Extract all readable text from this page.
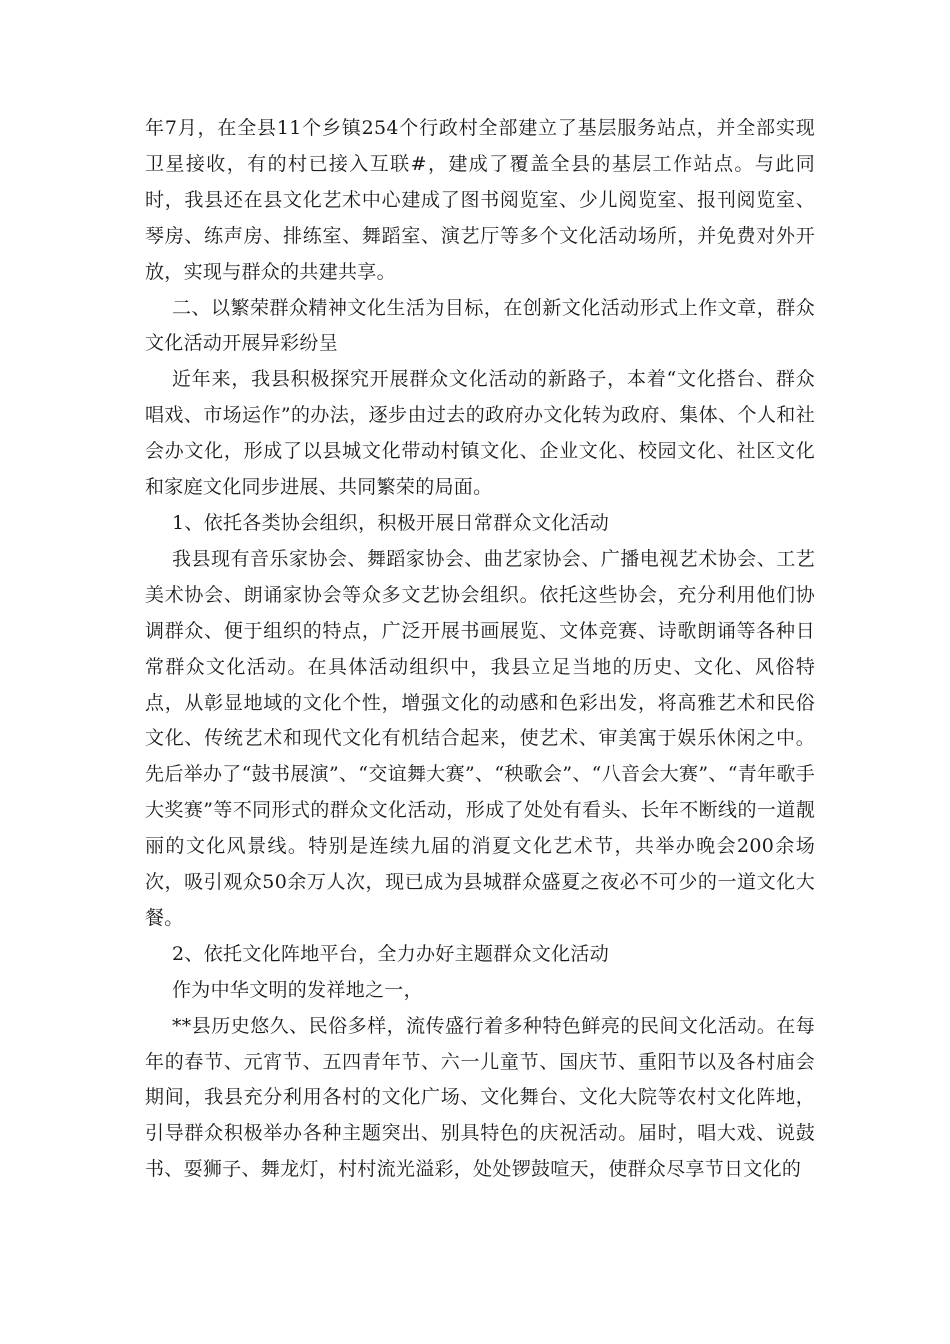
年7月，在全县11个乡镇254个行政村全部建立了基层服务站点，并全部实现卫星接收，有的村已接入互联#，建成了覆盖全县的基层工作站点。与此同时，我县还在县文化艺术中心建成了图书阅览室、少儿阅览室、报刊阅览室、琴房、练声房、排练室、舞蹈室、演艺厅等多个文化活动场所，并免费对外开放，实现与群众的共建共享。

二、以繁荣群众精神文化生活为目标，在创新文化活动形式上作文章，群众文化活动开展异彩纷呈

近年来，我县积极探究开展群众文化活动的新路子，本着“文化搭台、群众唱戏、市场运作”的办法，逐步由过去的政府办文化转为政府、集体、个人和社会办文化，形成了以县城文化带动村镇文化、企业文化、校园文化、社区文化和家庭文化同步进展、共同繁荣的局面。

1、依托各类协会组织，积极开展日常群众文化活动

我县现有音乐家协会、舞蹈家协会、曲艺家协会、广播电视艺术协会、工艺美术协会、朗诵家协会等众多文艺协会组织。依托这些协会，充分利用他们协调群众、便于组织的特点，广泛开展书画展览、文体竞赛、诗歌朗诵等各种日常群众文化活动。在具体活动组织中，我县立足当地的历史、文化、风俗特点，从彰显地域的文化个性，增强文化的动感和色彩出发，将高雅艺术和民俗文化、传统艺术和现代文化有机结合起来，使艺术、审美寓于娱乐休闲之中。先后举办了“鼓书展演”、“交谊舞大赛”、“秧歌会”、“八音会大赛”、“青年歌手大奖赛”等不同形式的群众文化活动，形成了处处有看头、长年不断线的一道靓丽的文化风景线。特别是连续九届的消夏文化艺术节，共举办晚会200余场次，吸引观众50余万人次，现已成为县城群众盛夏之夜必不可少的一道文化大餐。

2、依托文化阵地平台，全力办好主题群众文化活动

作为中华文明的发祥地之一，

**县历史悠久、民俗多样，流传盛行着多种特色鲜亮的民间文化活动。在每年的春节、元宵节、五四青年节、六一儿童节、国庆节、重阳节以及各村庙会期间，我县充分利用各村的文化广场、文化舞台、文化大院等农村文化阵地，引导群众积极举办各种主题突出、别具特色的庆祝活动。届时，唱大戏、说鼓书、耍狮子、舞龙灯，村村流光溢彩，处处锣鼓喧天，使群众尽享节日文化的
